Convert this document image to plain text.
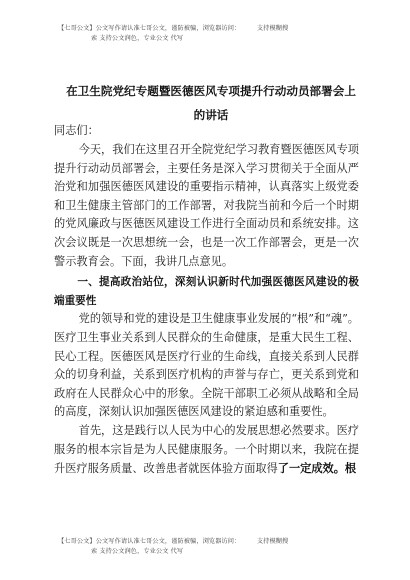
【七哥公文】公文写作请认准七哥公文，谨防被骗，浏览器访问：	支持模糊搜
索 支持公文润色，专业公文 代写
在卫生院党纪专题暨医德医风专项提升行动动员部署会上的讲话
同志们：

今天，我们在这里召开全院党纪学习教育暨医德医风专项提升行动动员部署会，主要任务是深入学习贯彻关于全面从严治党和加强医德医风建设的重要指示精神，认真落实上级党委和卫生健康主管部门的工作部署，对我院当前和今后一个时期的党风廉政与医德医风建设工作进行全面动员和系统安排。这次会议既是一次思想统一会，也是一次工作部署会，更是一次警示教育会。下面，我讲几点意见。

一、提高政治站位，深刻认识新时代加强医德医风建设的极端重要性

党的领导和党的建设是卫生健康事业发展的“根”和“魂”。医疗卫生事业关系到人民群众的生命健康，是重大民生工程、民心工程。医德医风是医疗行业的生命线，直接关系到人民群众的切身利益，关系到医疗机构的声誉与存亡，更关系到党和政府在人民群众心中的形象。全院干部职工必须从战略和全局的高度，深刻认识加强医德医风建设的紧迫感和重要性。

首先，这是践行以人民为中心的发展思想必然要求。医疗服务的根本宗旨是为人民健康服务。一个时期以来，我院在提升医疗服务质量、改善患者就医体验方面取得了一定成效。根

【七哥公文】公文写作请认准七哥公文，谨防被骗，浏览器访问：	支持模糊搜
索 支持公文润色，专业公文 代写
